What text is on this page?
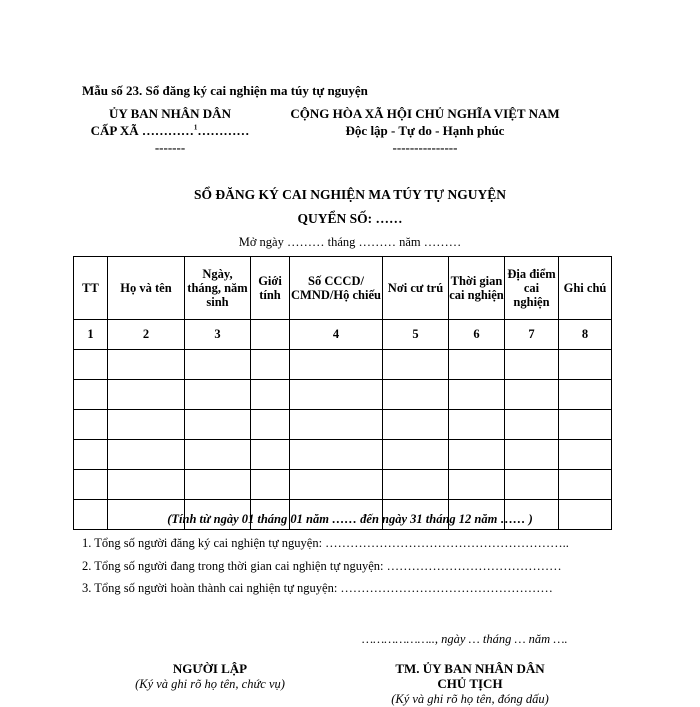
Mẫu số 23. Sổ đăng ký cai nghiện ma túy tự nguyện
ỦY BAN NHÂN DÂN
CẤP XÃ …………$^1$…………
-------
CỘNG HÒA XÃ HỘI CHỦ NGHĨA VIỆT NAM
Độc lập - Tự do - Hạnh phúc
---------------
SỔ ĐĂNG KÝ CAI NGHIỆN MA TÚY TỰ NGUYỆN
QUYỂN SỐ: ……
Mở ngày ……… tháng ……… năm ………
TT	Họ và tên	Ngày, tháng, năm sinh	Giới tính	Số CCCD/ CMND/Hộ chiếu	Nơi cư trú	Thời gian cai nghiện	Địa điểm cai nghiện	Ghi chú
1	2	3		4	5	6	7	8

(Tính từ ngày 01 tháng 01 năm …… đến ngày 31 tháng 12 năm …… )
1. Tổng số người đăng ký cai nghiện tự nguyện: …………………………………………………..
2. Tổng số người đang trong thời gian cai nghiện tự nguyện: ……………………………………
3. Tổng số người hoàn thành cai nghiện tự nguyện: ……………………………………………
……………….., ngày … tháng … năm ….
NGƯỜI LẬP
(Ký và ghi rõ họ tên, chức vụ)
TM. ỦY BAN NHÂN DÂN
CHỦ TỊCH
(Ký và ghi rõ họ tên, đóng dấu)
